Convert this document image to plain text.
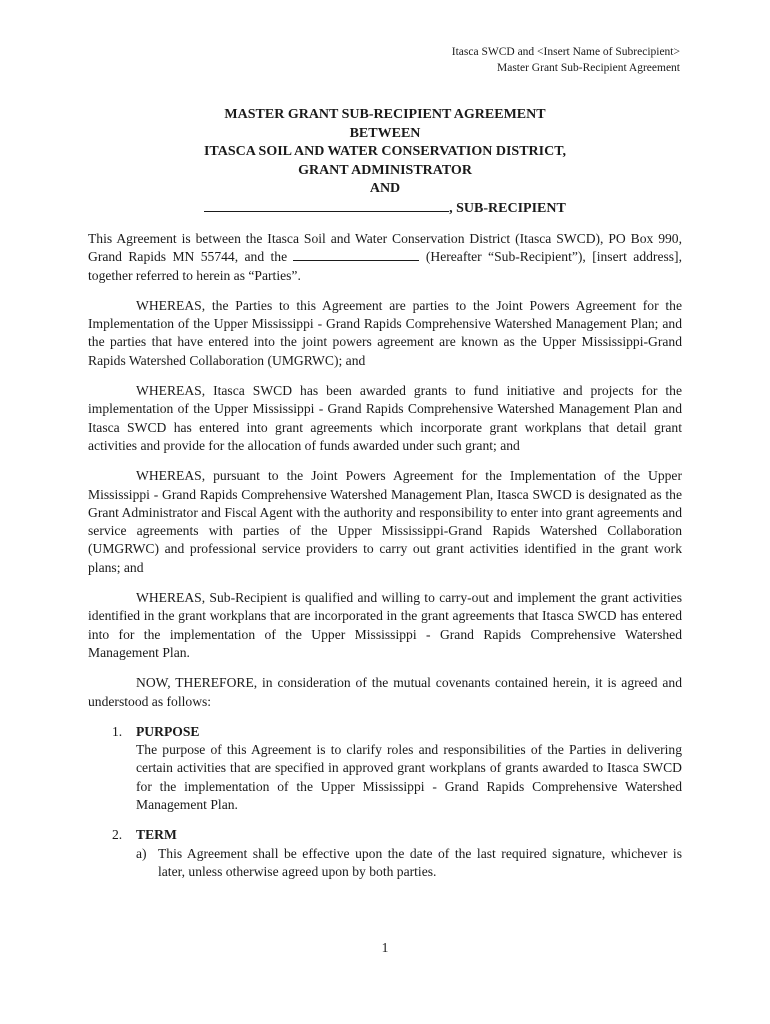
Itasca SWCD and <Insert Name of Subrecipient>
Master Grant Sub-Recipient Agreement
MASTER GRANT SUB-RECIPIENT AGREEMENT
BETWEEN
ITASCA SOIL AND WATER CONSERVATION DISTRICT,
GRANT ADMINISTRATOR
AND
, SUB-RECIPIENT

This Agreement is between the Itasca Soil and Water Conservation District (Itasca SWCD), PO Box 990, Grand Rapids MN 55744, and the	(Hereafter “Sub-Recipient”), [insert address], together referred to herein as “Parties”.

WHEREAS, the Parties to this Agreement are parties to the Joint Powers Agreement for the Implementation of the Upper Mississippi - Grand Rapids Comprehensive Watershed Management Plan; and the parties that have entered into the joint powers agreement are known as the Upper Mississippi-Grand Rapids Watershed Collaboration (UMGRWC); and

WHEREAS, Itasca SWCD has been awarded grants to fund initiative and projects for the implementation of the Upper Mississippi - Grand Rapids Comprehensive Watershed Management Plan and Itasca SWCD has entered into grant agreements which incorporate grant workplans that detail grant activities and provide for the allocation of funds awarded under such grant; and

WHEREAS, pursuant to the Joint Powers Agreement for the Implementation of the Upper Mississippi - Grand Rapids Comprehensive Watershed Management Plan, Itasca SWCD is designated as the Grant Administrator and Fiscal Agent with the authority and responsibility to enter into grant agreements and service agreements with parties of the Upper Mississippi-Grand Rapids Watershed Collaboration (UMGRWC) and professional service providers to carry out grant activities identified in the grant work plans; and

WHEREAS, Sub-Recipient is qualified and willing to carry-out and implement the grant activities identified in the grant workplans that are incorporated in the grant agreements that Itasca SWCD has entered into for the implementation of the Upper Mississippi - Grand Rapids Comprehensive Watershed Management Plan.

NOW, THEREFORE, in consideration of the mutual covenants contained herein, it is agreed and understood as follows:

1. PURPOSE
The purpose of this Agreement is to clarify roles and responsibilities of the Parties in delivering certain activities that are specified in approved grant workplans of grants awarded to Itasca SWCD for the implementation of the Upper Mississippi - Grand Rapids Comprehensive Watershed Management Plan.
2. TERM
a) This Agreement shall be effective upon the date of the last required signature, whichever is later, unless otherwise agreed upon by both parties.
1
